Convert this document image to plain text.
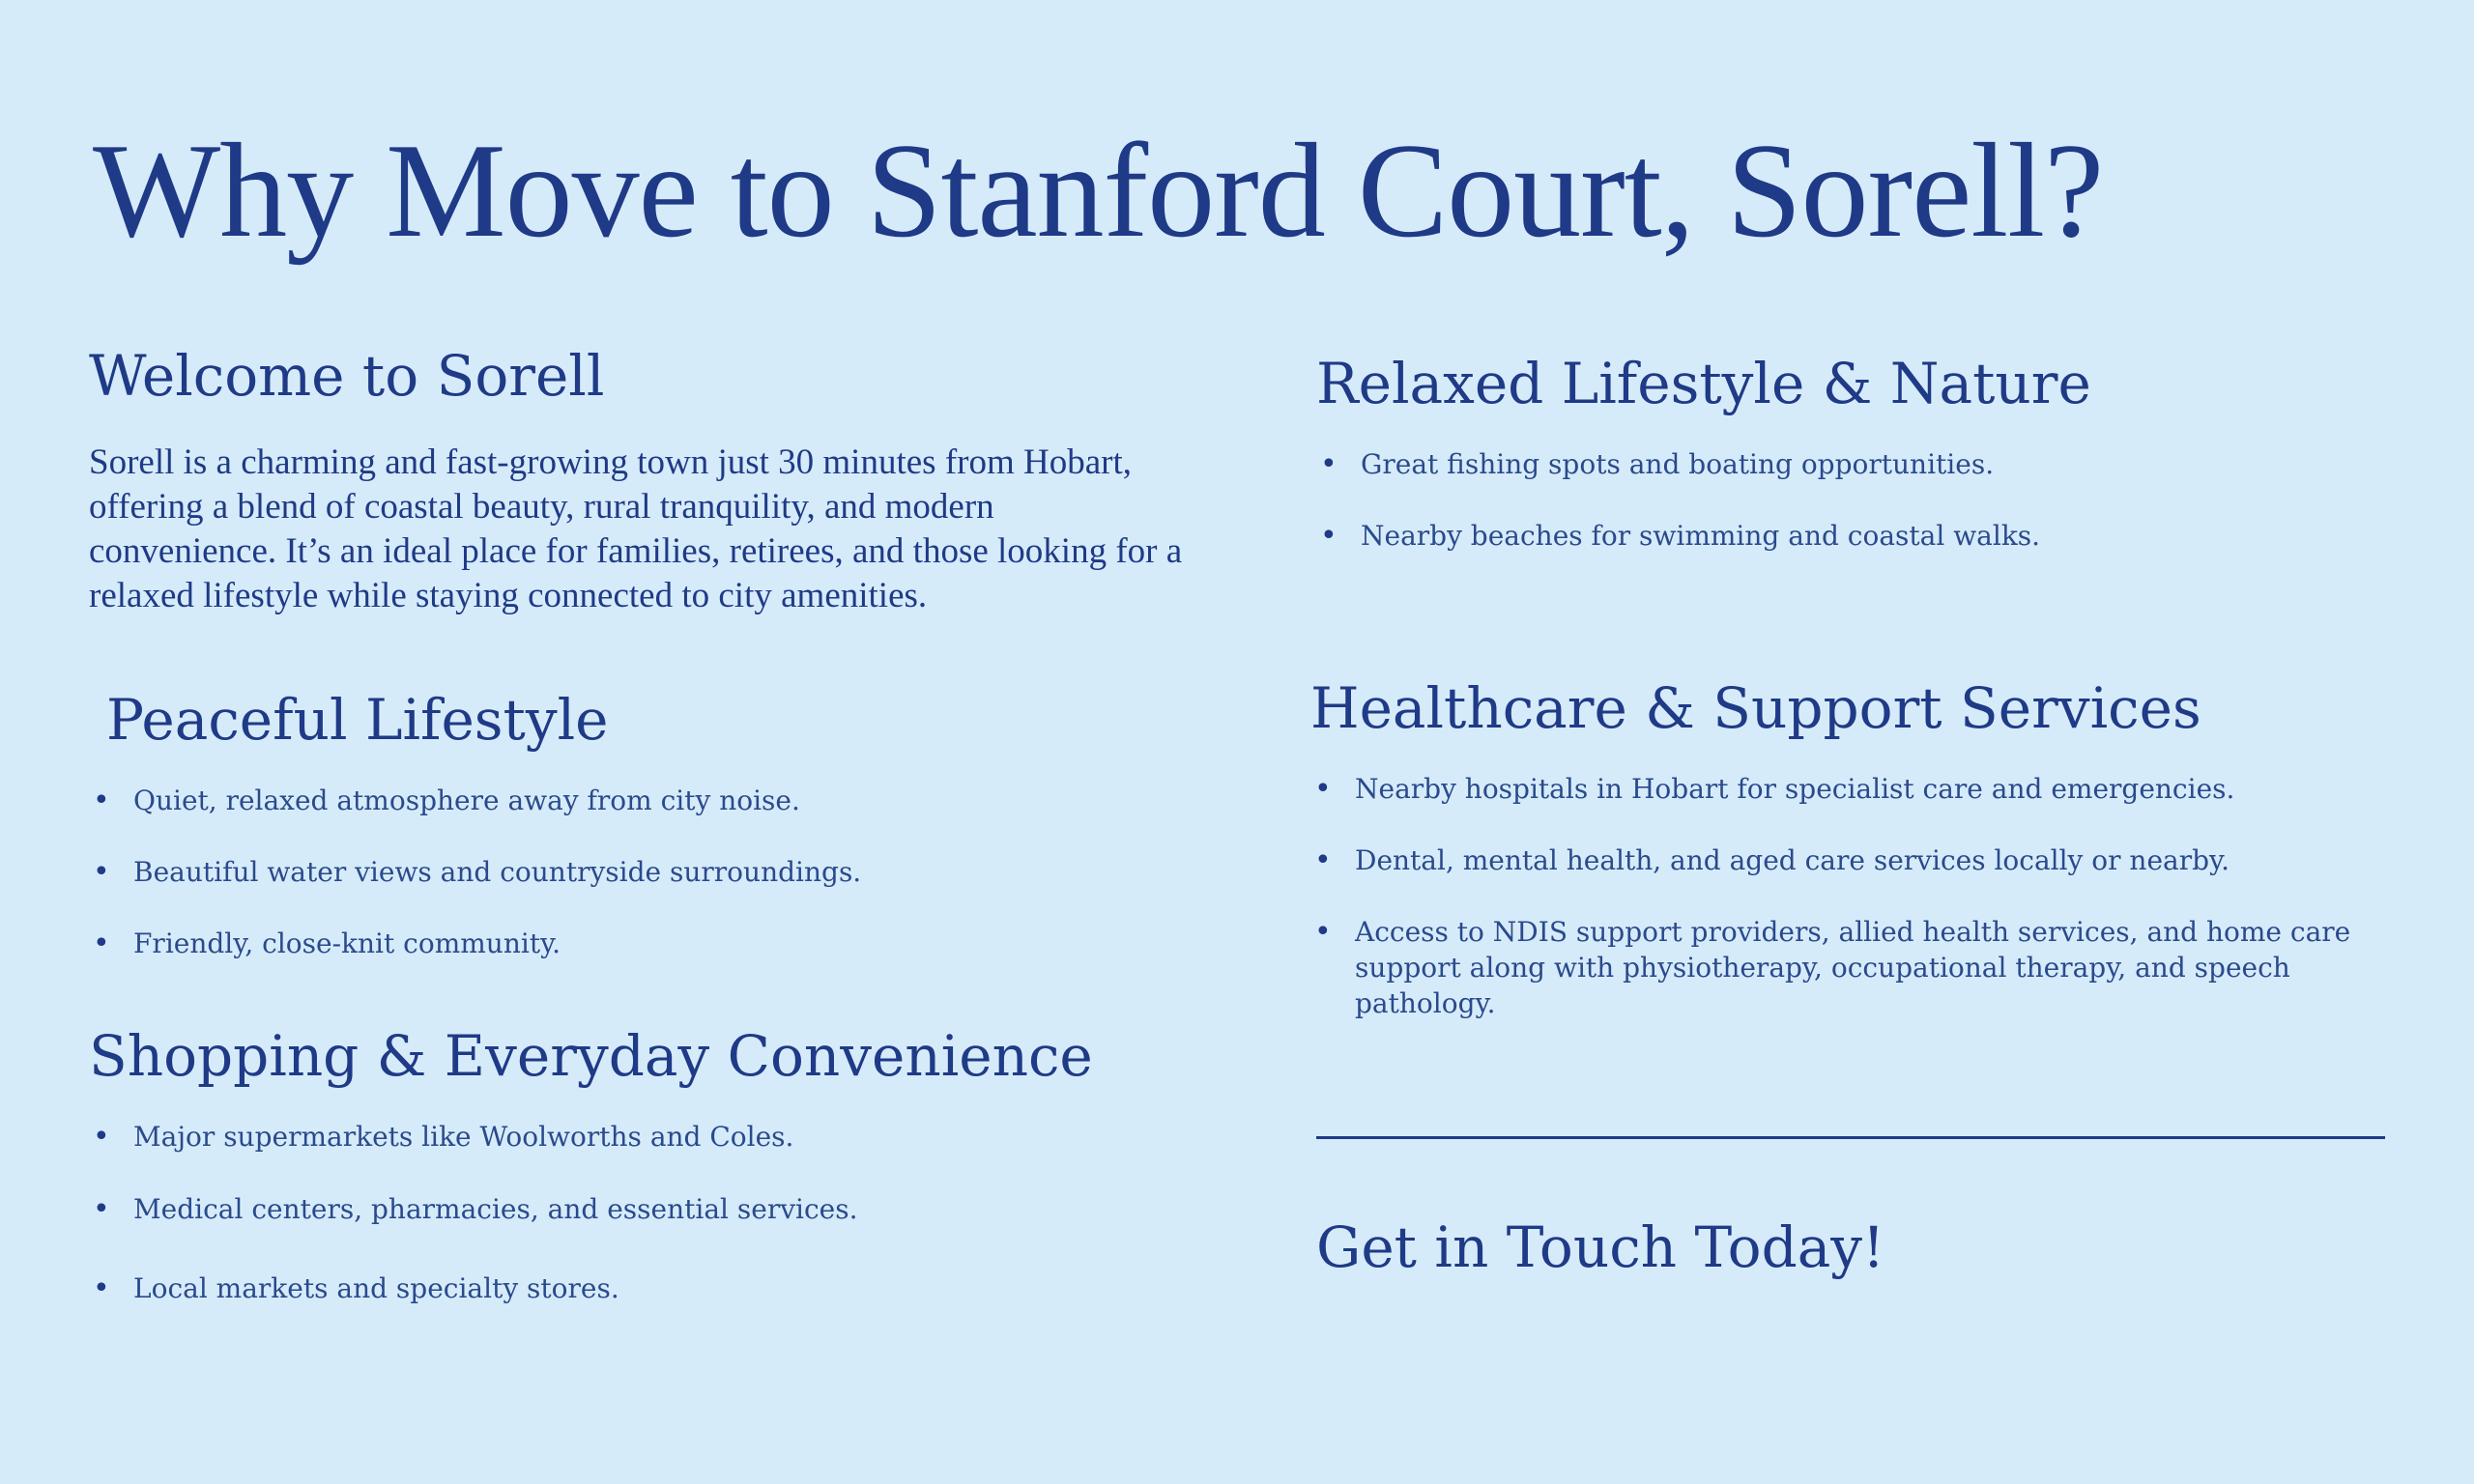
Why Move to Stanford Court, Sorell?
Welcome to Sorell

Sorell is a charming and fast-growing town just 30 minutes from Hobart, offering a blend of coastal beauty, rural tranquility, and modern convenience. It’s an ideal place for families, retirees, and those looking for a relaxed lifestyle while staying connected to city amenities.

Peaceful Lifestyle
• Quiet, relaxed atmosphere away from city noise.
• Beautiful water views and countryside surroundings.
• Friendly, close-knit community.
Shopping & Everyday Convenience
• Major supermarkets like Woolworths and Coles.
• Medical centers, pharmacies, and essential services.
• Local markets and specialty stores.
Relaxed Lifestyle & Nature
• Great fishing spots and boating opportunities.
• Nearby beaches for swimming and coastal walks.
Healthcare & Support Services
• Nearby hospitals in Hobart for specialist care and emergencies.
• Dental, mental health, and aged care services locally or nearby.
• Access to NDIS support providers, allied health services, and home care support along with physiotherapy, occupational therapy, and speech pathology.
Get in Touch Today!
